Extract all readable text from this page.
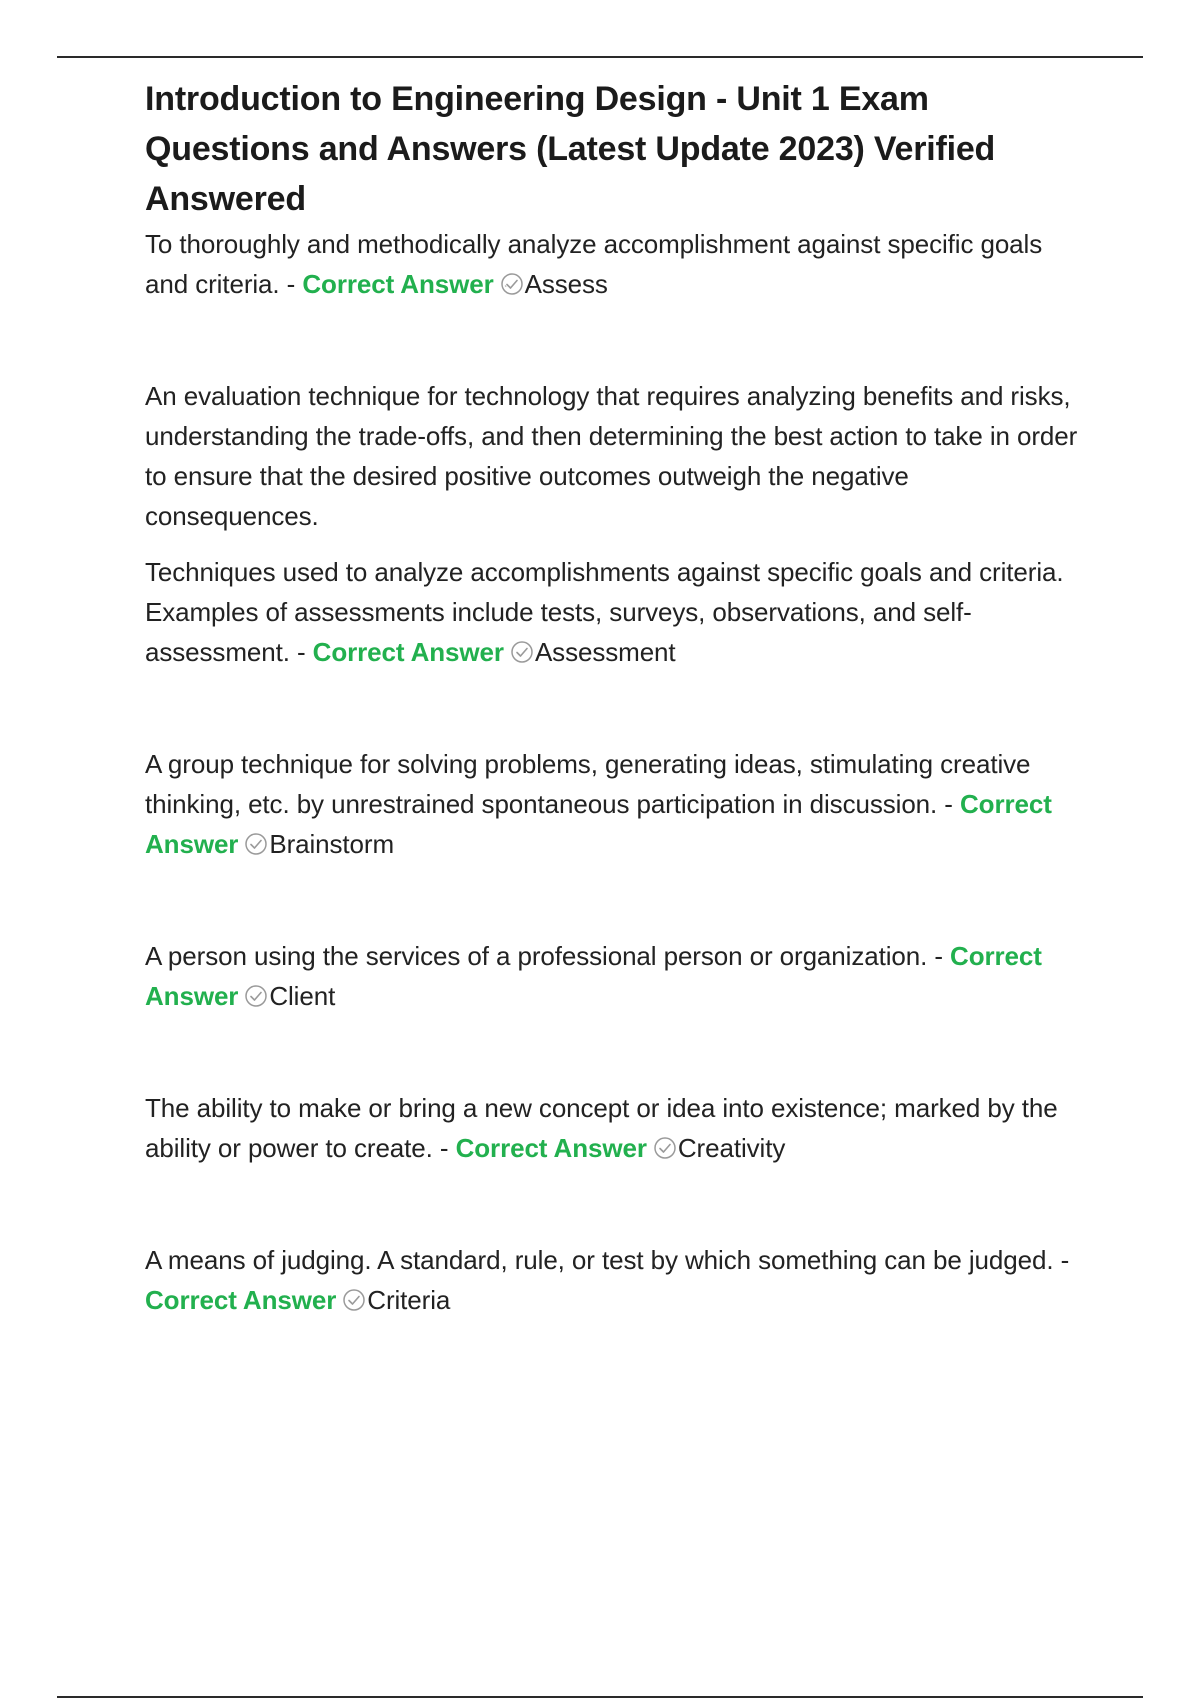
Introduction to Engineering Design - Unit 1 Exam Questions and Answers (Latest Update 2023) Verified Answered

To thoroughly and methodically analyze accomplishment against specific goals and criteria. - Correct Answer Assess

An evaluation technique for technology that requires analyzing benefits and risks, understanding the trade-offs, and then determining the best action to take in order to ensure that the desired positive outcomes outweigh the negative consequences.

Techniques used to analyze accomplishments against specific goals and criteria. Examples of assessments include tests, surveys, observations, and self-assessment. - Correct Answer Assessment

A group technique for solving problems, generating ideas, stimulating creative thinking, etc. by unrestrained spontaneous participation in discussion. - Correct Answer Brainstorm

A person using the services of a professional person or organization. - Correct Answer Client

The ability to make or bring a new concept or idea into existence; marked by the ability or power to create. - Correct Answer Creativity

A means of judging. A standard, rule, or test by which something can be judged. - Correct Answer Criteria
